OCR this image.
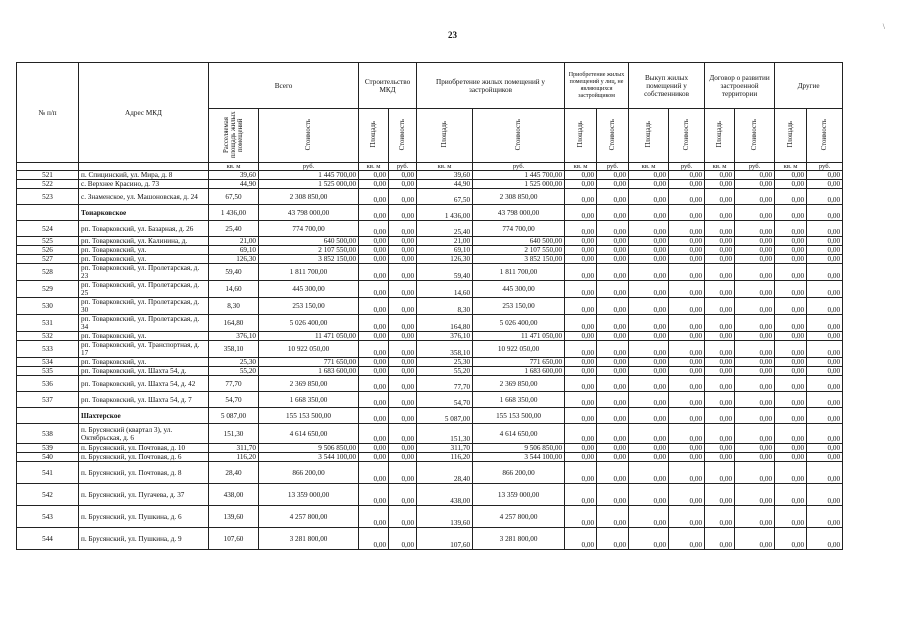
23
№ п/п	Адрес МКД	Всего		Строительство МКД		Приобретение жилых помещений у застройщиков		Приобретение жилых помещений у лиц, не являющихся застройщиком		Выкуп жилых помещений у собственников		Договор о развитии застроенной территории		Другие	
		Расселяемая площадь жилых помещений	Стоимость	Площадь	Стоимость	Площадь	Стоимость	Площадь	Стоимость	Площадь	Стоимость	Площадь	Стоимость	Площадь	Стоимость
		кв. м	руб.	кв. м	руб.	кв. м	руб.	кв. м	руб.	кв. м	руб.	кв. м	руб.	кв. м	руб.
521	п. Спицинский, ул. Мира, д. 8	39,60	1 445 700,00	0,00	0,00	39,60	1 445 700,00	0,00	0,00	0,00	0,00	0,00	0,00	0,00	0,00
522	с. Верхнее Красино, д. 73	44,90	1 525 000,00	0,00	0,00	44,90	1 525 000,00	0,00	0,00	0,00	0,00	0,00	0,00	0,00	0,00
523	с. Знаменское, ул. Машоновская, д. 24	67,50	2 308 850,00	0,00	0,00	67,50	2 308 850,00	0,00	0,00	0,00	0,00	0,00	0,00	0,00	0,00
	Тоиарковское	1 436,00	43 798 000,00	0,00	0,00	1 436,00	43 798 000,00	0,00	0,00	0,00	0,00	0,00	0,00	0,00	0,00
524	рп. Товарковский, ул. Базарная, д. 26	25,40	774 700,00	0,00	0,00	25,40	774 700,00	0,00	0,00	0,00	0,00	0,00	0,00	0,00	0,00
525	рп. Товарковский, ул. Калинина, д.	21,00	640 500,00	0,00	0,00	21,00	640 500,00	0,00	0,00	0,00	0,00	0,00	0,00	0,00	0,00
526	рп. Товарковский, ул.	69,10	2 107 550,00	0,00	0,00	69,10	2 107 550,00	0,00	0,00	0,00	0,00	0,00	0,00	0,00	0,00
527	рп. Товарковский, ул.	126,30	3 852 150,00	0,00	0,00	126,30	3 852 150,00	0,00	0,00	0,00	0,00	0,00	0,00	0,00	0,00
528	рп. Товарковский, ул. Пролетарская, д. 23	59,40	1 811 700,00	0,00	0,00	59,40	1 811 700,00	0,00	0,00	0,00	0,00	0,00	0,00	0,00	0,00
529	рп. Товарковский, ул. Пролетарская, д. 25	14,60	445 300,00	0,00	0,00	14,60	445 300,00	0,00	0,00	0,00	0,00	0,00	0,00	0,00	0,00
530	рп. Товарковский, ул. Пролетарская, д. 30	8,30	253 150,00	0,00	0,00	8,30	253 150,00	0,00	0,00	0,00	0,00	0,00	0,00	0,00	0,00
531	рп. Товарковский, ул. Пролетарская, д. 34	164,80	5 026 400,00	0,00	0,00	164,80	5 026 400,00	0,00	0,00	0,00	0,00	0,00	0,00	0,00	0,00
532	рп. Товарковский, ул.	376,10	11 471 050,00	0,00	0,00	376,10	11 471 050,00	0,00	0,00	0,00	0,00	0,00	0,00	0,00	0,00
533	рп. Товарковский, ул. Транспортная, д. 17	358,10	10 922 050,00	0,00	0,00	358,10	10 922 050,00	0,00	0,00	0,00	0,00	0,00	0,00	0,00	0,00
534	рп. Товарковский, ул.	25,30	771 650,00	0,00	0,00	25,30	771 650,00	0,00	0,00	0,00	0,00	0,00	0,00	0,00	0,00
535	рп. Товарковский, ул. Шахта 54, д.	55,20	1 683 600,00	0,00	0,00	55,20	1 683 600,00	0,00	0,00	0,00	0,00	0,00	0,00	0,00	0,00
536	рп. Товарковский, ул. Шахта 54, д. 42	77,70	2 369 850,00	0,00	0,00	77,70	2 369 850,00	0,00	0,00	0,00	0,00	0,00	0,00	0,00	0,00
537	рп. Товарковский, ул. Шахта 54, д. 7	54,70	1 668 350,00	0,00	0,00	54,70	1 668 350,00	0,00	0,00	0,00	0,00	0,00	0,00	0,00	0,00
	Шахтерское	5 087,00	155 153 500,00	0,00	0,00	5 087,00	155 153 500,00	0,00	0,00	0,00	0,00	0,00	0,00	0,00	0,00
538	п. Брусянский (квартал 3), ул. Октябрьская, д. 6	151,30	4 614 650,00	0,00	0,00	151,30	4 614 650,00	0,00	0,00	0,00	0,00	0,00	0,00	0,00	0,00
539	п. Брусянский, ул. Почтовая, д. 10	311,70	9 506 850,00	0,00	0,00	311,70	9 506 850,00	0,00	0,00	0,00	0,00	0,00	0,00	0,00	0,00
540	п. Брусянский, ул. Почтовая, д. 6	116,20	3 544 100,00	0,00	0,00	116,20	3 544 100,00	0,00	0,00	0,00	0,00	0,00	0,00	0,00	0,00
541	п. Брусянский, ул. Почтовая, д. 8	28,40	866 200,00	0,00	0,00	28,40	866 200,00	0,00	0,00	0,00	0,00	0,00	0,00	0,00	0,00
542	п. Брусянский, ул. Пугачева, д. 37	438,00	13 359 000,00	0,00	0,00	438,00	13 359 000,00	0,00	0,00	0,00	0,00	0,00	0,00	0,00	0,00
543	п. Брусянский, ул. Пушкина, д. 6	139,60	4 257 800,00	0,00	0,00	139,60	4 257 800,00	0,00	0,00	0,00	0,00	0,00	0,00	0,00	0,00
544	п. Брусянский, ул. Пушкина, д. 9	107,60	3 281 800,00	0,00	0,00	107,60	3 281 800,00	0,00	0,00	0,00	0,00	0,00	0,00	0,00	0,00
\
